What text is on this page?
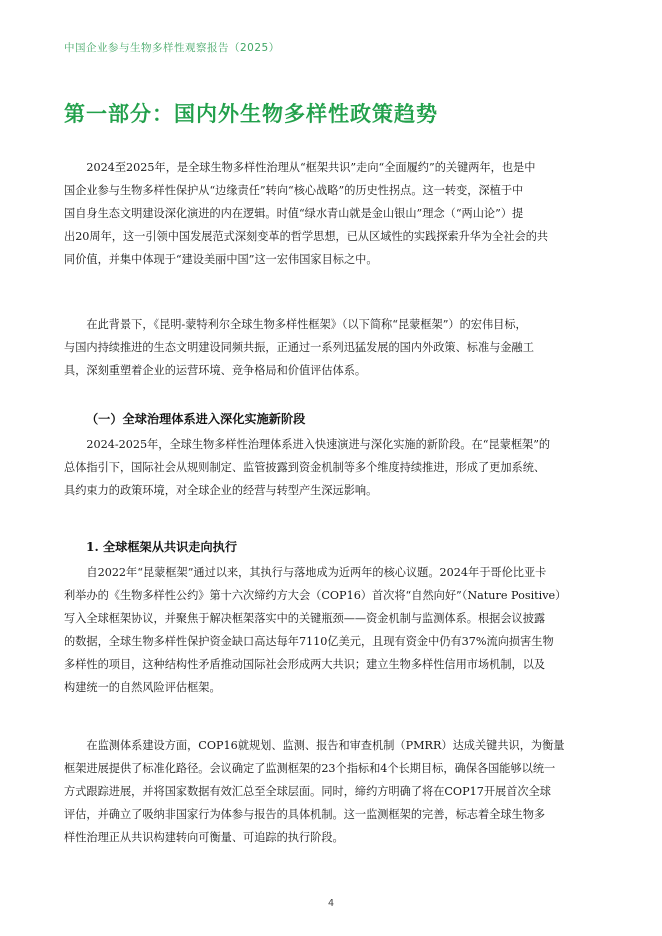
中国企业参与生物多样性观察报告（2025）
第一部分：国内外生物多样性政策趋势

2024至2025年，是全球生物多样性治理从“框架共识”走向“全面履约”的关键两年，也是中
国企业参与生物多样性保护从“边缘责任”转向“核心战略”的历史性拐点。这一转变，深植于中
国自身生态文明建设深化演进的内在逻辑。时值“绿水青山就是金山银山”理念（“两山论”）提
出20周年，这一引领中国发展范式深刻变革的哲学思想，已从区域性的实践探索升华为全社会的共
同价值，并集中体现于“建设美丽中国”这一宏伟国家目标之中。

在此背景下，《昆明-蒙特利尔全球生物多样性框架》（以下简称“昆蒙框架”）的宏伟目标，
与国内持续推进的生态文明建设同频共振，正通过一系列迅猛发展的国内外政策、标准与金融工
具，深刻重塑着企业的运营环境、竞争格局和价值评估体系。

（一）全球治理体系进入深化实施新阶段

2024-2025年，全球生物多样性治理体系进入快速演进与深化实施的新阶段。在“昆蒙框架”的
总体指引下，国际社会从规则制定、监管披露到资金机制等多个维度持续推进，形成了更加系统、
具约束力的政策环境，对全球企业的经营与转型产生深远影响。

1. 全球框架从共识走向执行

自2022年“昆蒙框架”通过以来，其执行与落地成为近两年的核心议题。2024年于哥伦比亚卡
利举办的《生物多样性公约》第十六次缔约方大会（COP16）首次将“自然向好”（Nature Positive）
写入全球框架协议，并聚焦于解决框架落实中的关键瓶颈——资金机制与监测体系。根据会议披露
的数据，全球生物多样性保护资金缺口高达每年7110亿美元，且现有资金中仍有37%流向损害生物
多样性的项目，这种结构性矛盾推动国际社会形成两大共识；建立生物多样性信用市场机制，以及
构建统一的自然风险评估框架。

在监测体系建设方面，COP16就规划、监测、报告和审查机制（PMRR）达成关键共识，为衡量
框架进展提供了标准化路径。会议确定了监测框架的23个指标和4个长期目标，确保各国能够以统一
方式跟踪进展，并将国家数据有效汇总至全球层面。同时，缔约方明确了将在COP17开展首次全球
评估，并确立了吸纳非国家行为体参与报告的具体机制。这一监测框架的完善，标志着全球生物多
样性治理正从共识构建转向可衡量、可追踪的执行阶段。

4
